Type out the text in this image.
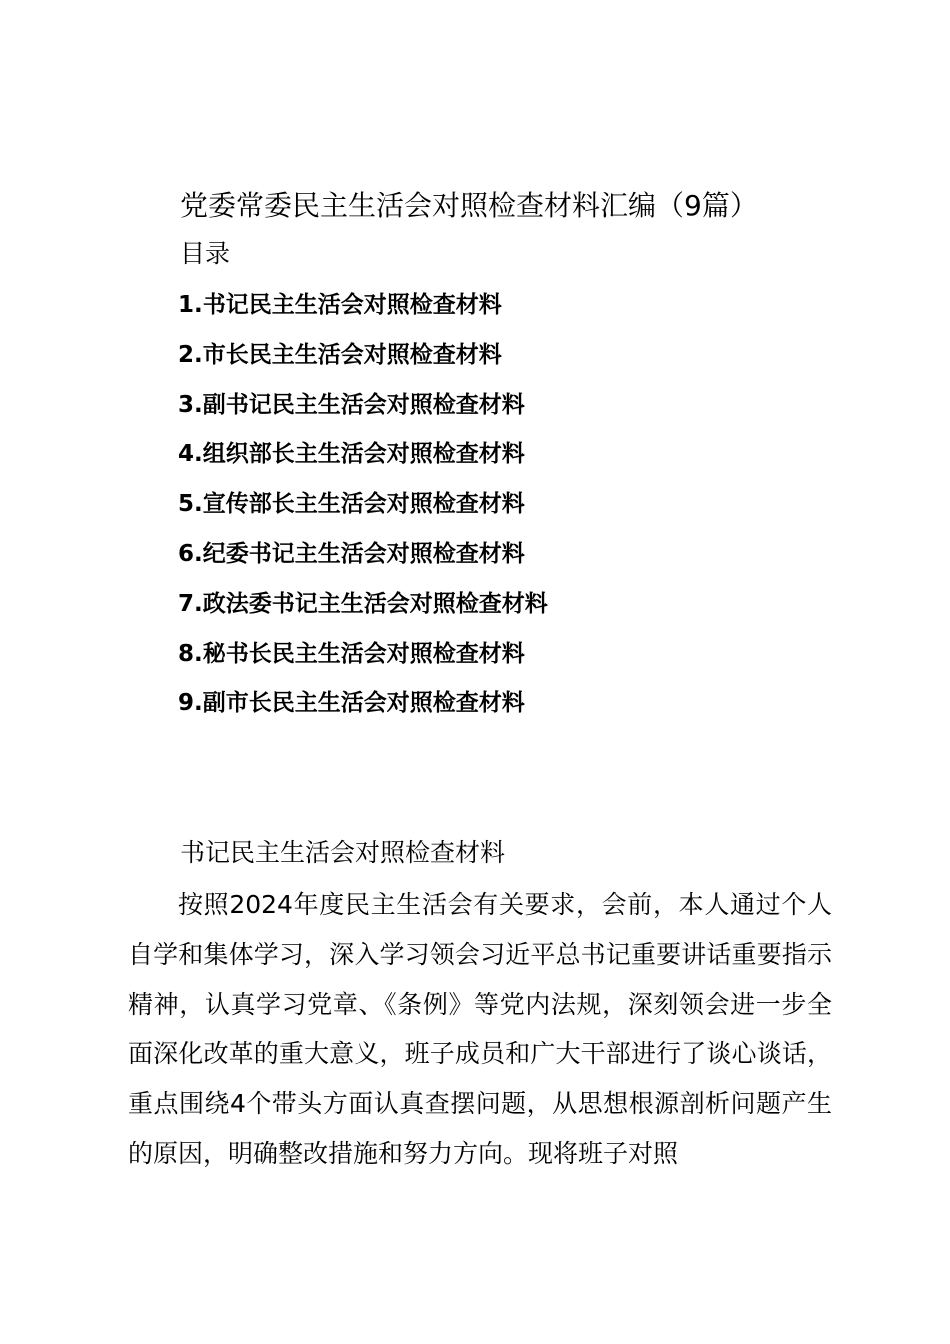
党委常委民主生活会对照检查材料汇编（9篇）
目录
1.书记民主生活会对照检查材料
2.市长民主生活会对照检查材料
3.副书记民主生活会对照检查材料
4.组织部长主生活会对照检查材料
5.宣传部长主生活会对照检查材料
6.纪委书记主生活会对照检查材料
7.政法委书记主生活会对照检查材料
8.秘书长民主生活会对照检查材料
9.副市长民主生活会对照检查材料
书记民主生活会对照检查材料

按照2024年度民主生活会有关要求，会前，本人通过个人自学和集体学习，深入学习领会习近平总书记重要讲话重要指示精神，认真学习党章、《条例》等党内法规，深刻领会进一步全面深化改革的重大意义，班子成员和广大干部进行了谈心谈话，重点围绕4个带头方面认真查摆问题，从思想根源剖析问题产生的原因，明确整改措施和努力方向。现将班子对照
